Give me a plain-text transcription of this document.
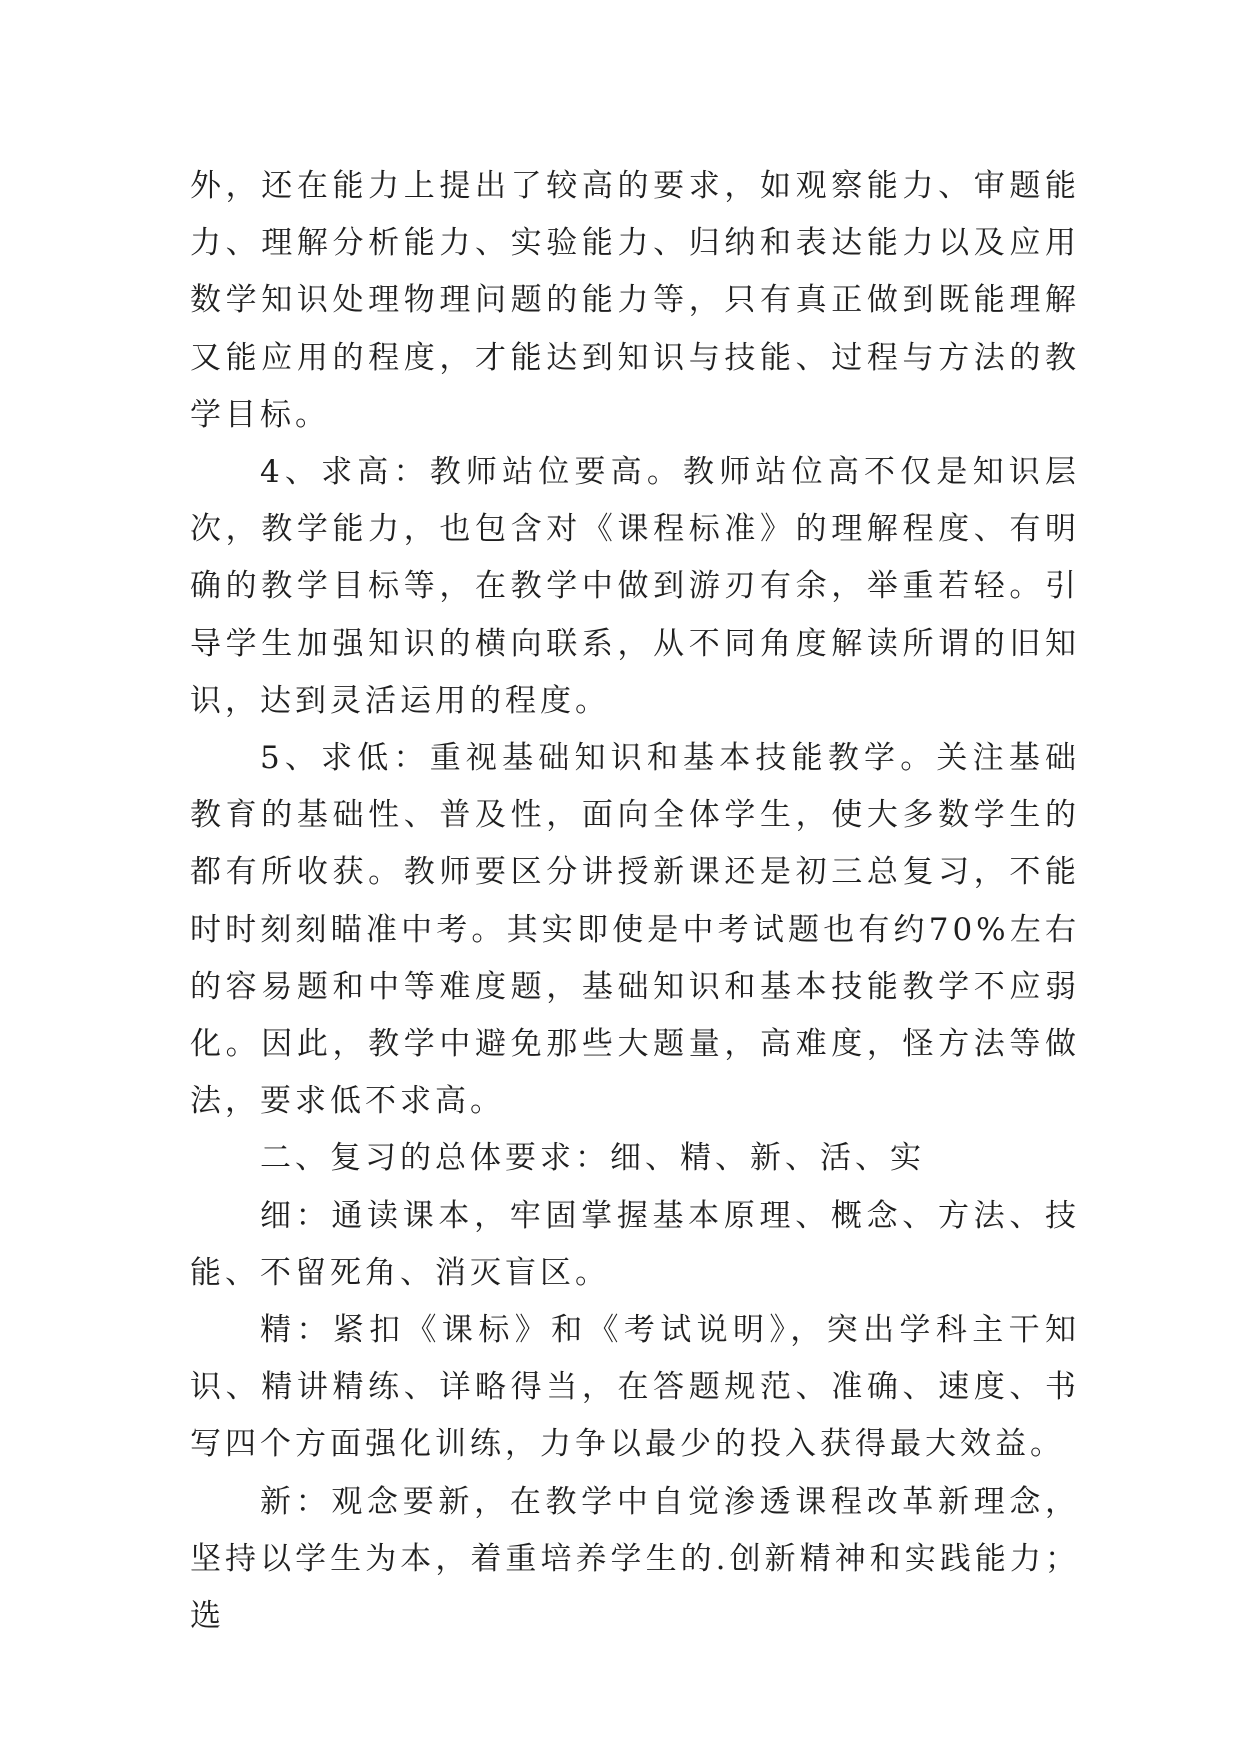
外，还在能力上提出了较高的要求，如观察能力、审题能力、理解分析能力、实验能力、归纳和表达能力以及应用数学知识处理物理问题的能力等，只有真正做到既能理解又能应用的程度，才能达到知识与技能、过程与方法的教学目标。

4、求高：教师站位要高。教师站位高不仅是知识层次，教学能力，也包含对《课程标准》的理解程度、有明确的教学目标等，在教学中做到游刃有余，举重若轻。引导学生加强知识的横向联系，从不同角度解读所谓的旧知识，达到灵活运用的程度。

5、求低：重视基础知识和基本技能教学。关注基础教育的基础性、普及性，面向全体学生，使大多数学生的都有所收获。教师要区分讲授新课还是初三总复习，不能时时刻刻瞄准中考。其实即使是中考试题也有约70%左右的容易题和中等难度题，基础知识和基本技能教学不应弱化。因此，教学中避免那些大题量，高难度，怪方法等做法，要求低不求高。

二、复习的总体要求：细、精、新、活、实

细：通读课本，牢固掌握基本原理、概念、方法、技能、不留死角、消灭盲区。

精：紧扣《课标》和《考试说明》，突出学科主干知识、精讲精练、详略得当，在答题规范、准确、速度、书写四个方面强化训练，力争以最少的投入获得最大效益。

新：观念要新，在教学中自觉渗透课程改革新理念，坚持以学生为本，着重培养学生的.创新精神和实践能力；选
